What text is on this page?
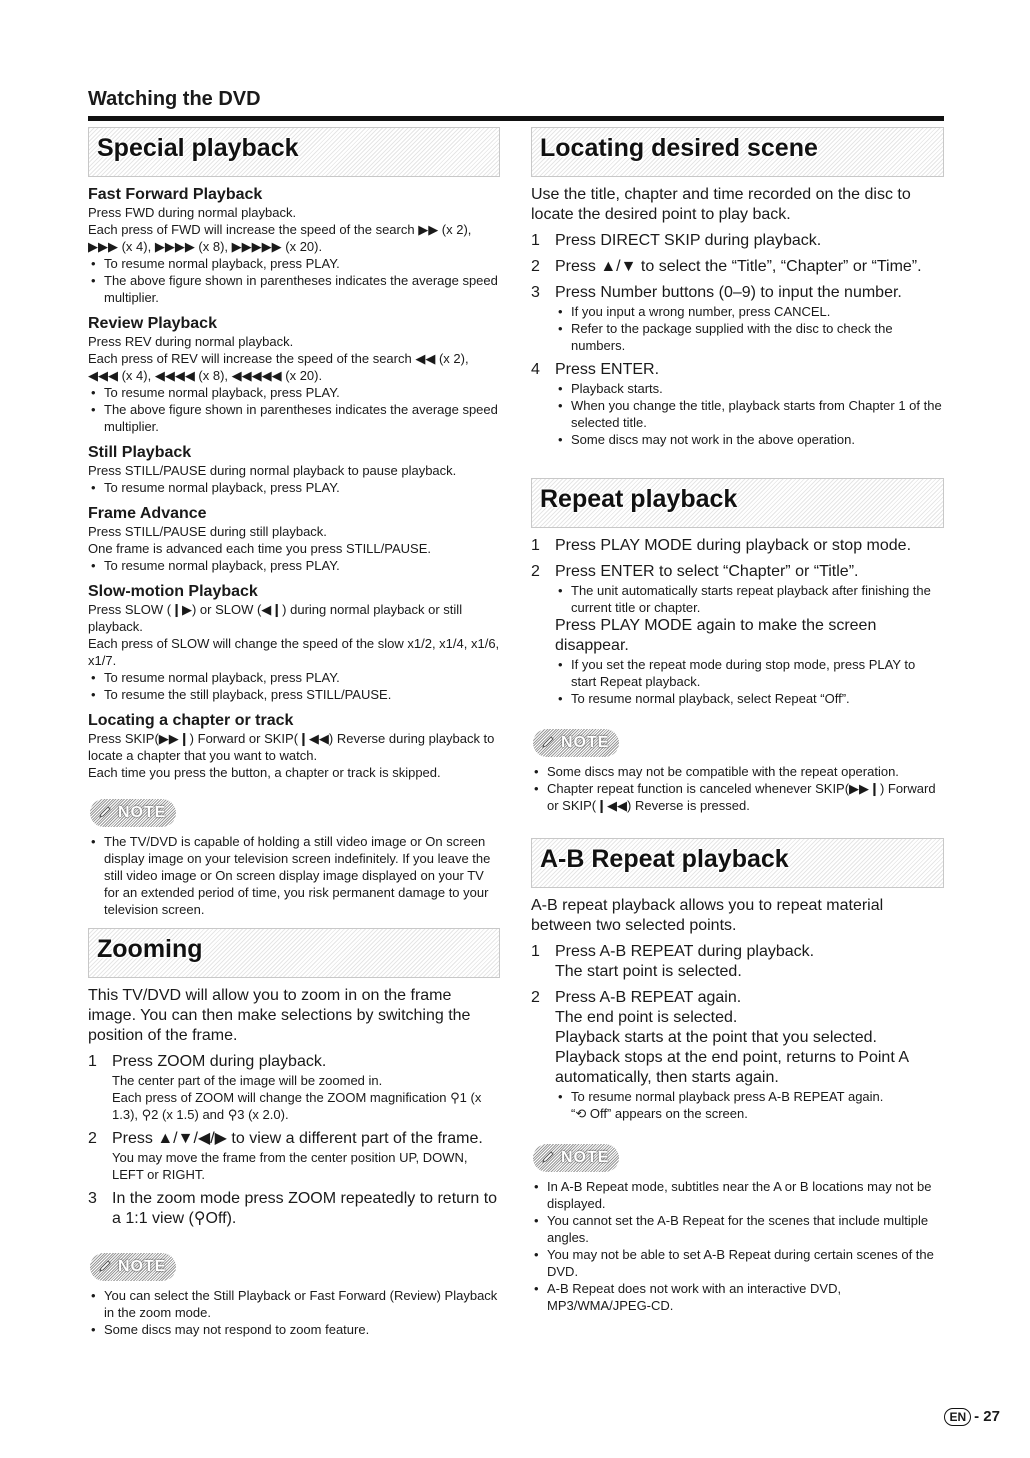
Watching the DVD
Special playback
Fast Forward Playback
Press FWD during normal playback.
Each press of FWD will increase the speed of the search ▶▶ (x 2), ▶▶▶ (x 4), ▶▶▶▶ (x 8), ▶▶▶▶▶ (x 20).
• To resume normal playback, press PLAY.
• The above figure shown in parentheses indicates the average speed multiplier.
Review Playback
Press REV during normal playback.
Each press of REV will increase the speed of the search ◀◀ (x 2), ◀◀◀ (x 4), ◀◀◀◀ (x 8), ◀◀◀◀◀ (x 20).
• To resume normal playback, press PLAY.
• The above figure shown in parentheses indicates the average speed multiplier.
Still Playback
Press STILL/PAUSE during normal playback to pause playback.
• To resume normal playback, press PLAY.
Frame Advance
Press STILL/PAUSE during still playback.
One frame is advanced each time you press STILL/PAUSE.
• To resume normal playback, press PLAY.
Slow-motion Playback
Press SLOW (❙▶) or SLOW (◀❙) during normal playback or still playback.
Each press of SLOW will change the speed of the slow x1/2, x1/4, x1/6, x1/7.
• To resume normal playback, press PLAY.
• To resume the still playback, press STILL/PAUSE.
Locating a chapter or track
Press SKIP(▶▶❙) Forward or SKIP(❙◀◀) Reverse during playback to locate a chapter that you want to watch.
Each time you press the button, a chapter or track is skipped.
NOTE
• The TV/DVD is capable of holding a still video image or On screen display image on your television screen indefinitely. If you leave the still video image or On screen display image displayed on your TV for an extended period of time, you risk permanent damage to your television screen.
Zooming
This TV/DVD will allow you to zoom in on the frame image. You can then make selections by switching the position of the frame.
1 Press ZOOM during playback.
The center part of the image will be zoomed in.
Each press of ZOOM will change the ZOOM magnification ⚲1 (x 1.3), ⚲2 (x 1.5) and ⚲3 (x 2.0).
2 Press ▲/▼/◀/▶ to view a different part of the frame.
You may move the frame from the center position UP, DOWN, LEFT or RIGHT.
3 In the zoom mode press ZOOM repeatedly to return to a 1:1 view (⚲Off).
NOTE
• You can select the Still Playback or Fast Forward (Review) Playback in the zoom mode.
• Some discs may not respond to zoom feature.
Locating desired scene
Use the title, chapter and time recorded on the disc to locate the desired point to play back.
1 Press DIRECT SKIP during playback.
2 Press ▲/▼ to select the “Title”, “Chapter” or “Time”.
3 Press Number buttons (0–9) to input the number.
• If you input a wrong number, press CANCEL.
• Refer to the package supplied with the disc to check the numbers.
4 Press ENTER.
• Playback starts.
• When you change the title, playback starts from Chapter 1 of the selected title.
• Some discs may not work in the above operation.
Repeat playback
1 Press PLAY MODE during playback or stop mode.
2 Press ENTER to select “Chapter” or “Title”.
• The unit automatically starts repeat playback after finishing the current title or chapter.
Press PLAY MODE again to make the screen disappear.
• If you set the repeat mode during stop mode, press PLAY to start Repeat playback.
• To resume normal playback, select Repeat “Off”.
NOTE
• Some discs may not be compatible with the repeat operation.
• Chapter repeat function is canceled whenever SKIP(▶▶❙) Forward or SKIP(❙◀◀) Reverse is pressed.
A-B Repeat playback
A-B repeat playback allows you to repeat material between two selected points.
1 Press A-B REPEAT during playback.
The start point is selected.
2 Press A-B REPEAT again.
The end point is selected.
Playback starts at the point that you selected. Playback stops at the end point, returns to Point A automatically, then starts again.
• To resume normal playback press A-B REPEAT again.
“⟲ Off” appears on the screen.
NOTE
• In A-B Repeat mode, subtitles near the A or B locations may not be displayed.
• You cannot set the A-B Repeat for the scenes that include multiple angles.
• You may not be able to set A-B Repeat during certain scenes of the DVD.
• A-B Repeat does not work with an interactive DVD, MP3/WMA/JPEG-CD.
EN - 27
